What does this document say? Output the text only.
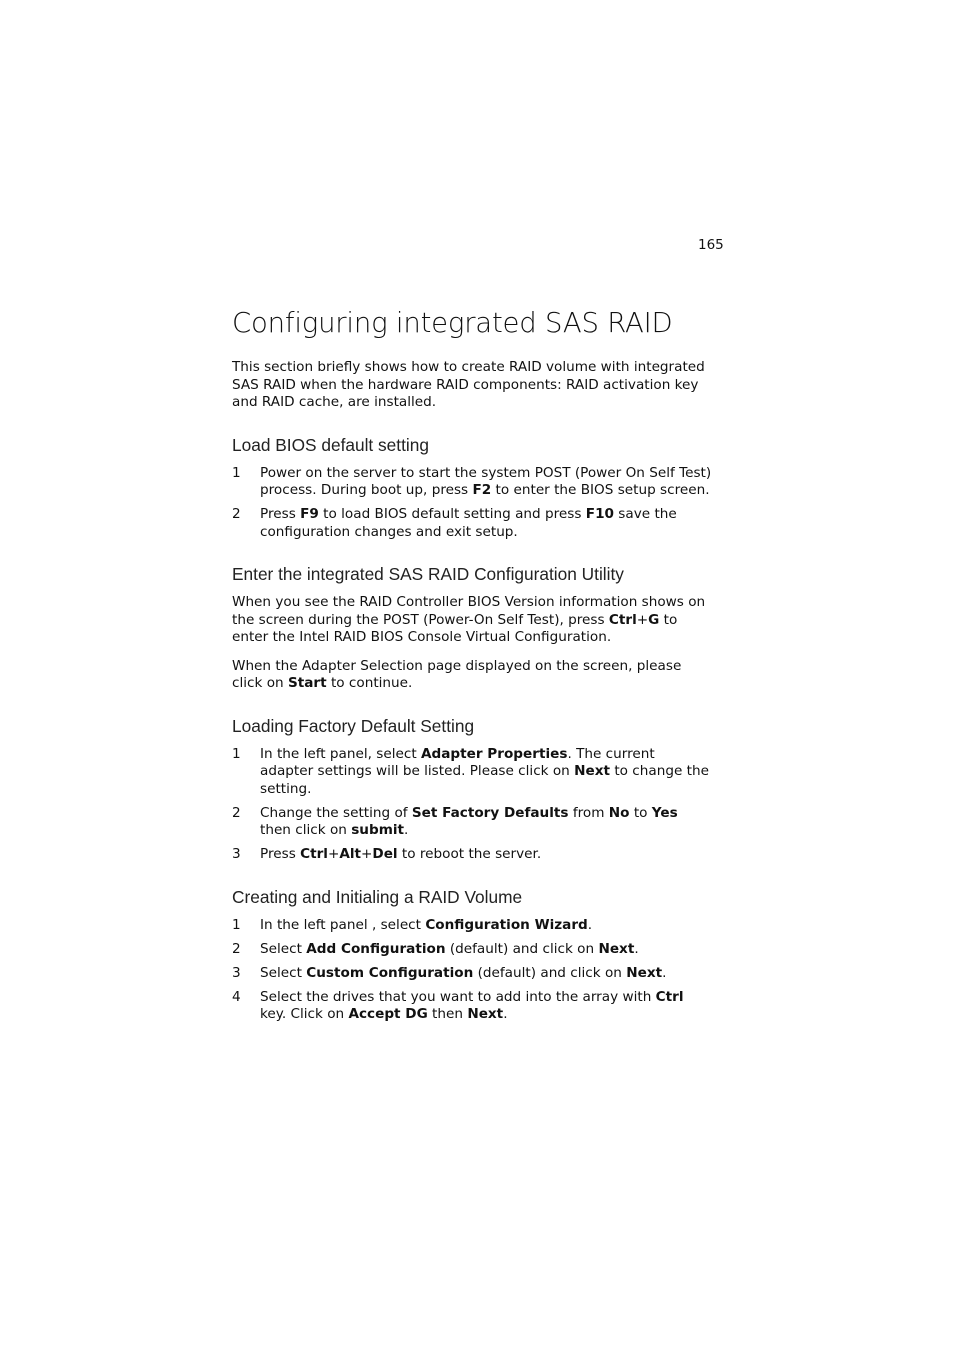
165
Configuring integrated SAS RAID

This section briefly shows how to create RAID volume with integrated SAS RAID when the hardware RAID components: RAID activation key and RAID cache, are installed.

Load BIOS default setting
1 Power on the server to start the system POST (Power On Self Test) process. During boot up, press F2 to enter the BIOS setup screen.
2 Press F9 to load BIOS default setting and press F10 save the configuration changes and exit setup.
Enter the integrated SAS RAID Configuration Utility

When you see the RAID Controller BIOS Version information shows on the screen during the POST (Power-On Self Test), press Ctrl+G to enter the Intel RAID BIOS Console Virtual Configuration.

When the Adapter Selection page displayed on the screen, please click on Start to continue.

Loading Factory Default Setting
1 In the left panel, select Adapter Properties. The current adapter settings will be listed. Please click on Next to change the setting.
2 Change the setting of Set Factory Defaults from No to Yes then click on submit.
3 Press Ctrl+Alt+Del to reboot the server.
Creating and Initialing a RAID Volume
1 In the left panel , select Configuration Wizard.
2 Select Add Configuration (default) and click on Next.
3 Select Custom Configuration (default) and click on Next.
4 Select the drives that you want to add into the array with Ctrl key. Click on Accept DG then Next.
